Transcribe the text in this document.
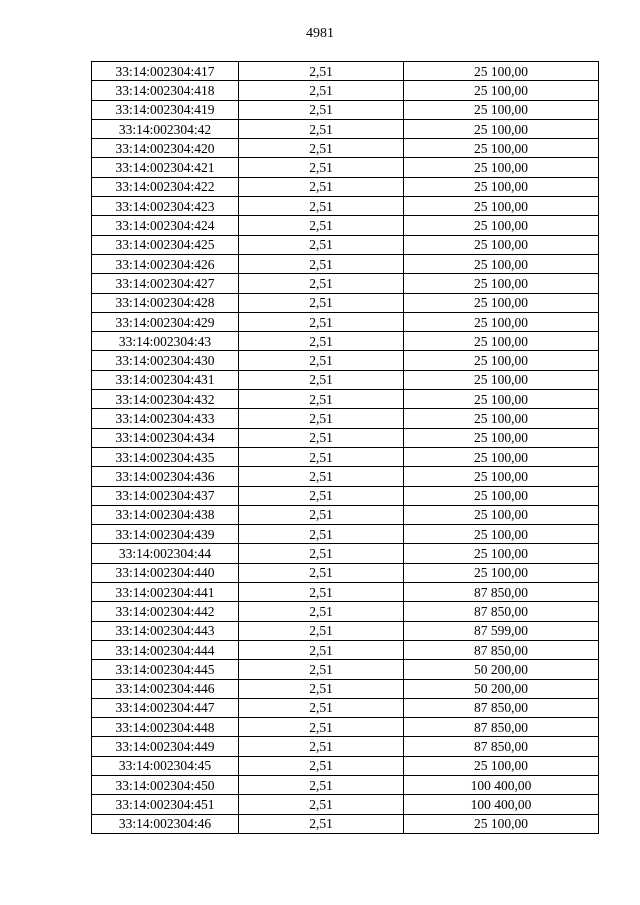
4981
33:14:002304:417	2,51	25 100,00
33:14:002304:418	2,51	25 100,00
33:14:002304:419	2,51	25 100,00
33:14:002304:42	2,51	25 100,00
33:14:002304:420	2,51	25 100,00
33:14:002304:421	2,51	25 100,00
33:14:002304:422	2,51	25 100,00
33:14:002304:423	2,51	25 100,00
33:14:002304:424	2,51	25 100,00
33:14:002304:425	2,51	25 100,00
33:14:002304:426	2,51	25 100,00
33:14:002304:427	2,51	25 100,00
33:14:002304:428	2,51	25 100,00
33:14:002304:429	2,51	25 100,00
33:14:002304:43	2,51	25 100,00
33:14:002304:430	2,51	25 100,00
33:14:002304:431	2,51	25 100,00
33:14:002304:432	2,51	25 100,00
33:14:002304:433	2,51	25 100,00
33:14:002304:434	2,51	25 100,00
33:14:002304:435	2,51	25 100,00
33:14:002304:436	2,51	25 100,00
33:14:002304:437	2,51	25 100,00
33:14:002304:438	2,51	25 100,00
33:14:002304:439	2,51	25 100,00
33:14:002304:44	2,51	25 100,00
33:14:002304:440	2,51	25 100,00
33:14:002304:441	2,51	87 850,00
33:14:002304:442	2,51	87 850,00
33:14:002304:443	2,51	87 599,00
33:14:002304:444	2,51	87 850,00
33:14:002304:445	2,51	50 200,00
33:14:002304:446	2,51	50 200,00
33:14:002304:447	2,51	87 850,00
33:14:002304:448	2,51	87 850,00
33:14:002304:449	2,51	87 850,00
33:14:002304:45	2,51	25 100,00
33:14:002304:450	2,51	100 400,00
33:14:002304:451	2,51	100 400,00
33:14:002304:46	2,51	25 100,00
